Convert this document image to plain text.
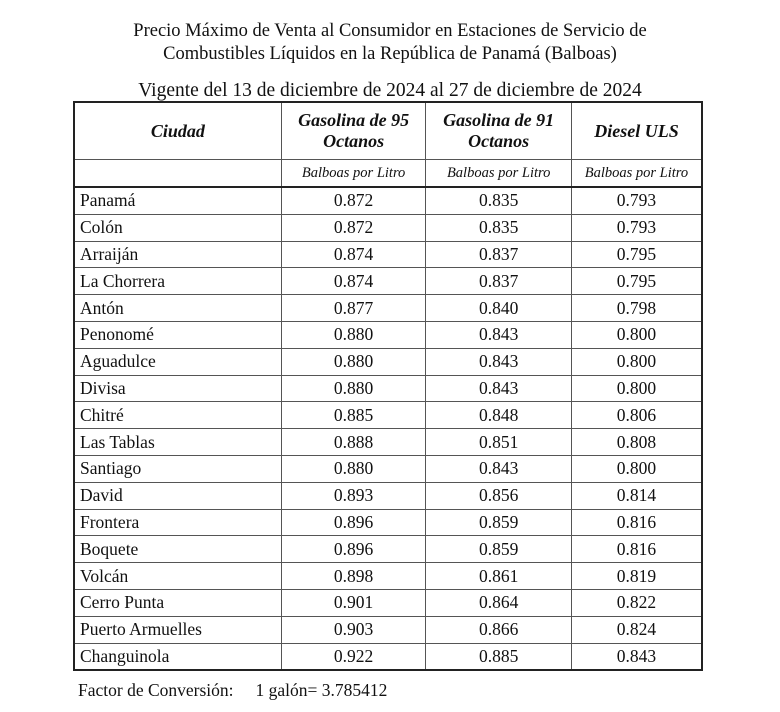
Precio Máximo de Venta al Consumidor en Estaciones de Servicio de
Combustibles Líquidos en la República de Panamá (Balboas)
Vigente del 13 de diciembre de 2024 al 27 de diciembre de 2024
Ciudad	Gasolina de 95 Octanos	Gasolina de 91 Octanos	Diesel ULS
	Balboas por Litro	Balboas por Litro	Balboas por Litro
Panamá	0.872	0.835	0.793
Colón	0.872	0.835	0.793
Arraiján	0.874	0.837	0.795
La Chorrera	0.874	0.837	0.795
Antón	0.877	0.840	0.798
Penonomé	0.880	0.843	0.800
Aguadulce	0.880	0.843	0.800
Divisa	0.880	0.843	0.800
Chitré	0.885	0.848	0.806
Las Tablas	0.888	0.851	0.808
Santiago	0.880	0.843	0.800
David	0.893	0.856	0.814
Frontera	0.896	0.859	0.816
Boquete	0.896	0.859	0.816
Volcán	0.898	0.861	0.819
Cerro Punta	0.901	0.864	0.822
Puerto Armuelles	0.903	0.866	0.824
Changuinola	0.922	0.885	0.843
Factor de Conversión: 1 galón= 3.785412
